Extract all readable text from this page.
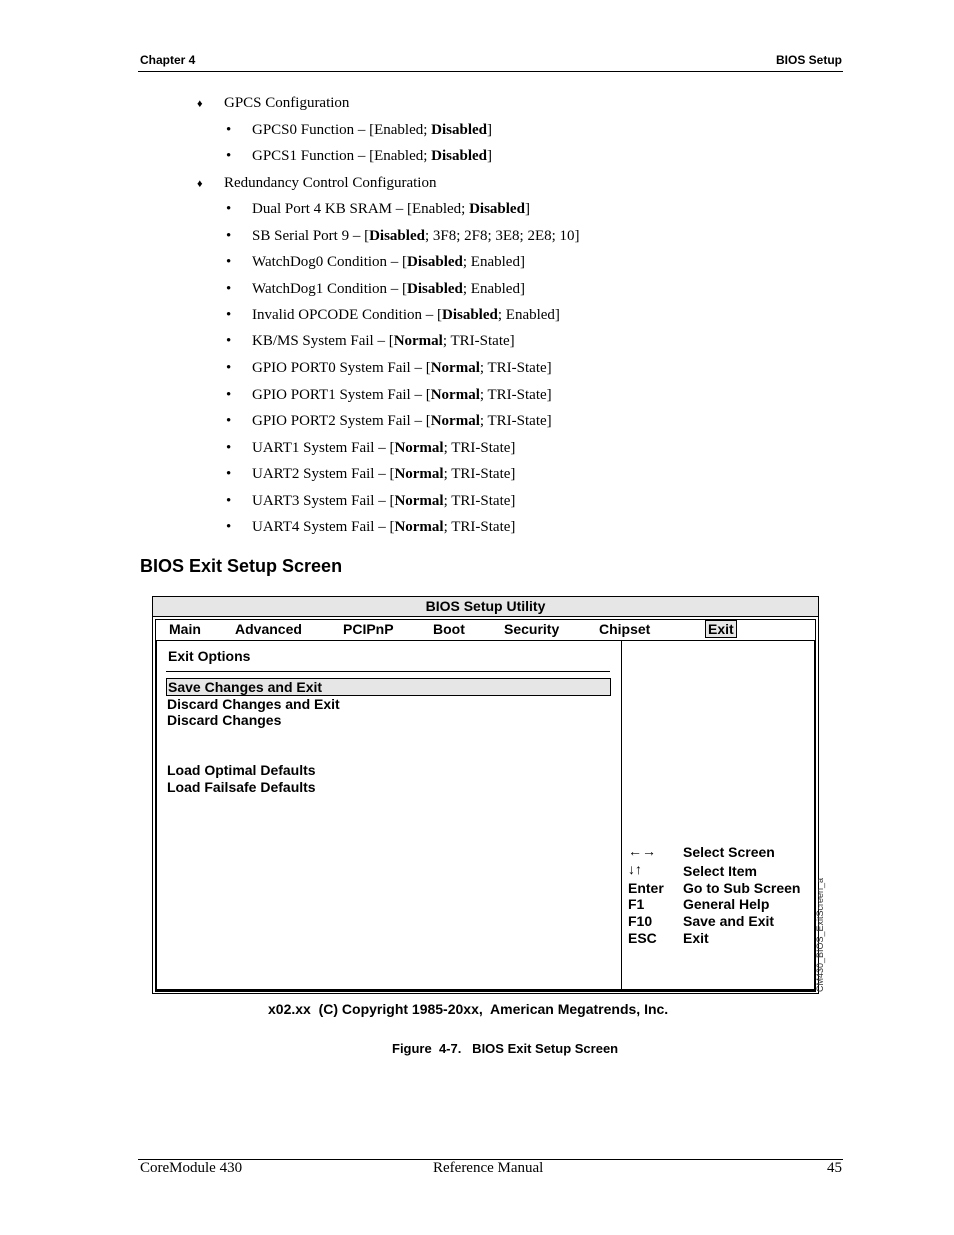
Chapter 4	BIOS Setup
♦ GPCS Configuration
• GPCS0 Function – [Enabled; Disabled]
• GPCS1 Function – [Enabled; Disabled]
♦ Redundancy Control Configuration
• Dual Port 4 KB SRAM – [Enabled; Disabled]
• SB Serial Port 9 – [Disabled; 3F8; 2F8; 3E8; 2E8; 10]
• WatchDog0 Condition – [Disabled; Enabled]
• WatchDog1 Condition – [Disabled; Enabled]
• Invalid OPCODE Condition – [Disabled; Enabled]
• KB/MS System Fail – [Normal; TRI-State]
• GPIO PORT0 System Fail – [Normal; TRI-State]
• GPIO PORT1 System Fail – [Normal; TRI-State]
• GPIO PORT2 System Fail – [Normal; TRI-State]
• UART1 System Fail – [Normal; TRI-State]
• UART2 System Fail – [Normal; TRI-State]
• UART3 System Fail – [Normal; TRI-State]
• UART4 System Fail – [Normal; TRI-State]
BIOS Exit Setup Screen
BIOS Setup Utility
Main Advanced	PCIPnP	Boot	Security	Chipset	Exit
Exit Options
Save Changes and Exit
Discard Changes and Exit
Discard Changes
Load Optimal Defaults
Load Failsafe Defaults
←→ Select Screen
↓↑	Select Item
Enter Go to Sub Screen
F1	General Help
F10 Save and Exit
ESC Exit	CM430_BIOS_ExitScreen_a
x02.xx  (C) Copyright 1985-20xx,  American Megatrends, Inc.
Figure  4-7.   BIOS Exit Setup Screen
CoreModule 430	Reference Manual	45
